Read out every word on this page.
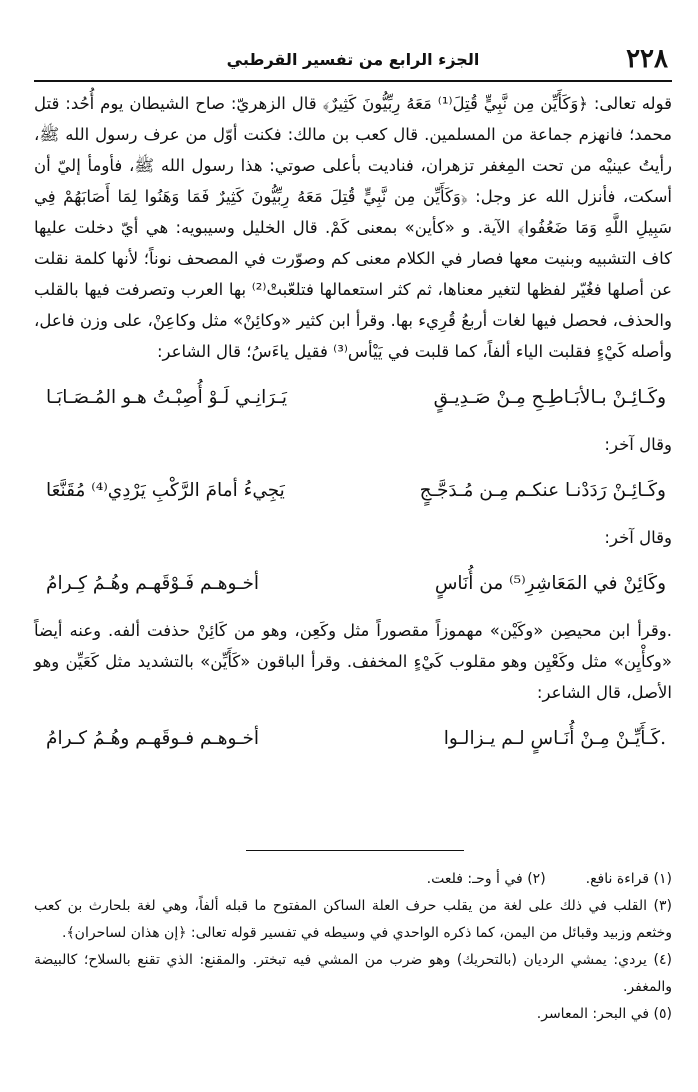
٢٢٨
الجزء الرابع من تفسير القرطبي

قوله تعالى: ﴿وَكَأَيِّن مِن نَّبِيٍّ قُتِلَ⁽¹⁾ مَعَهُ رِبِّيُّونَ كَثِيرٌ﴾ قال الزهريّ: صاح الشيطان يوم أُحُد: قتل محمد؛ فانهزم جماعة من المسلمين. قال كعب بن مالك: فكنت أوّل من عرف رسول الله ﷺ، رأيتُ عينيْه من تحت المِغفر تزهران، فناديت بأعلى صوتي: هذا رسول الله ﷺ، فأومأ إليّ أن أسكت، فأنزل الله عز وجل: ﴿وَكَأَيِّن مِن نَّبِيٍّ قُتِلَ مَعَهُ رِبِّيُّونَ كَثِيرٌ فَمَا وَهَنُوا لِمَا أَصَابَهُمْ فِي سَبِيلِ اللَّهِ وَمَا ضَعُفُوا﴾ الآية. و «كأين» بمعنى كَمْ. قال الخليل وسيبويه: هي أيّ دخلت عليها كاف التشبيه وبنيت معها فصار في الكلام معنى كم وصوّرت في المصحف نوناً؛ لأنها كلمة نقلت عن أصلها فغُيّر لفظها لتغير معناها، ثم كثر استعمالها فتلعّبتْ⁽²⁾ بها العرب وتصرفت فيها بالقلب والحذف، فحصل فيها لغات أربعُ قُرِيء بها. وقرأ ابن كثير «وكائِنْ» مثل وكاعِنْ، على وزن فاعل، وأصله كَيْءٍ فقلبت الياء ألفاً، كما قلبت في يَيْأس⁽³⁾ فقيل ياءَسُ؛ قال الشاعر:

وكَـائِـنْ بـالأبَـاطِـحِ مِـنْ صَـدِيـقٍ
يَـرَانِـي لَـوْ أُصِبْـتُ هـو المُـصَـابَـا
وقال آخر:
وكَـائِـنْ رَدَدْنـا عنكـم مِـن مُـدَجَّـجٍ
يَجِيءُ أمامَ الرَّكْبِ يَرْدِي⁽⁴⁾ مُقَنَّعَا
وقال آخر:
وكَائِنْ في المَعَاشِرِ⁽⁵⁾ من أُنَاسٍ
أخـوهـم فَـوْقَهـم وهُـمُ كِـرامُ

.وقرأ ابن محيصِن «وكَيْن» مهموزاً مقصوراً مثل وكَعِن، وهو من كَائِنْ حذفت ألفه. وعنه أيضاً «وكأْيِن» مثل وكَعْيِن وهو مقلوب كَيْءٍ المخفف. وقرأ الباقون «كَأَيِّن» بالتشديد مثل كَعَيِّن وهو الأصل، قال الشاعر:

.كَـأَيِّـنْ مِـنْ أُنَـاسٍ لـم يـزالـوا
أخـوهـم فـوقَهـم وهُـمُ كـرامُ
(١) قراءة نافع.
(٢) في أ وحـ: فلعت.

(٣) القلب في ذلك على لغة من يقلب حرف العلة الساكن المفتوح ما قبله ألفاً، وهي لغة بلحارث بن كعب وخثعم وزبيد وقبائل من اليمن، كما ذكره الواحدي في وسيطه في تفسير قوله تعالى: ﴿إن هذان لساحران﴾.

(٤) يردي: يمشي الرديان (بالتحريك) وهو ضرب من المشي فيه تبختر. والمقنع: الذي تقنع بالسلاح؛ كالبيضة والمغفر.

(٥) في البحر: المعاسر.
